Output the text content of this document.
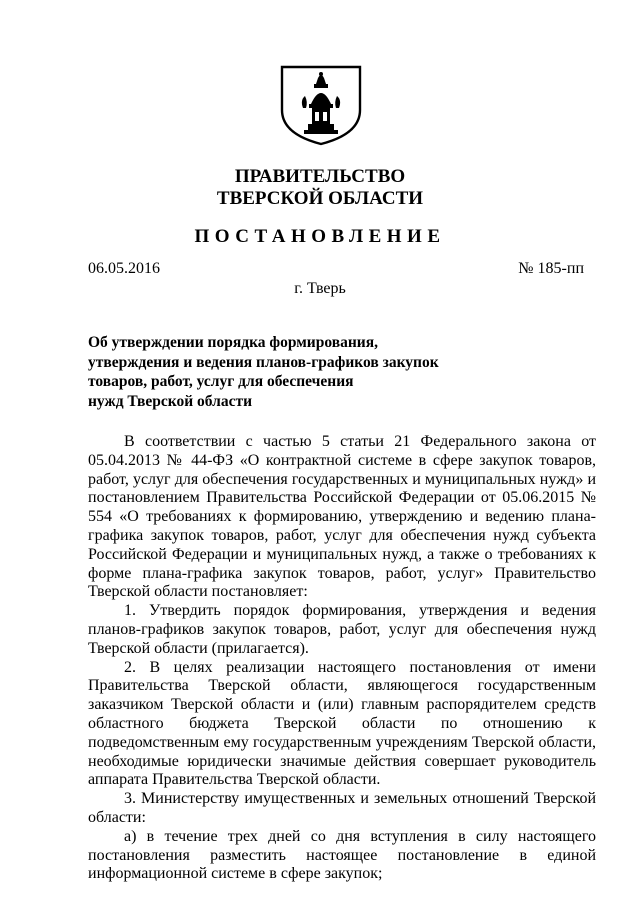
ПРАВИТЕЛЬСТВО
ТВЕРСКОЙ ОБЛАСТИ
ПОСТАНОВЛЕНИЕ
06.05.2016	№ 185-пп
г. Тверь
Об утверждении порядка формирования,
утверждения и ведения планов-графиков закупок
товаров, работ, услуг для обеспечения
нужд Тверской области

В соответствии с частью 5 статьи 21 Федерального закона от 05.04.2013 № 44-ФЗ «О контрактной системе в сфере закупок товаров, работ, услуг для обеспечения государственных и муниципальных нужд» и постановлением Правительства Российской Федерации от 05.06.2015 № 554 «О требованиях к формированию, утверждению и ведению плана-графика закупок товаров, работ, услуг для обеспечения нужд субъекта Российской Федерации и муниципальных нужд, а также о требованиях к форме плана-графика закупок товаров, работ, услуг» Правительство Тверской области постановляет:

1. Утвердить порядок формирования, утверждения и ведения планов-графиков закупок товаров, работ, услуг для обеспечения нужд Тверской области (прилагается).

2. В целях реализации настоящего постановления от имени Правительства Тверской области, являющегося государственным заказчиком Тверской области и (или) главным распорядителем средств областного бюджета Тверской области по отношению к подведомственным ему государственным учреждениям Тверской области, необходимые юридически значимые действия совершает руководитель аппарата Правительства Тверской области.

3. Министерству имущественных и земельных отношений Тверской области:

а) в течение трех дней со дня вступления в силу настоящего постановления разместить настоящее постановление в единой информационной системе в сфере закупок;
